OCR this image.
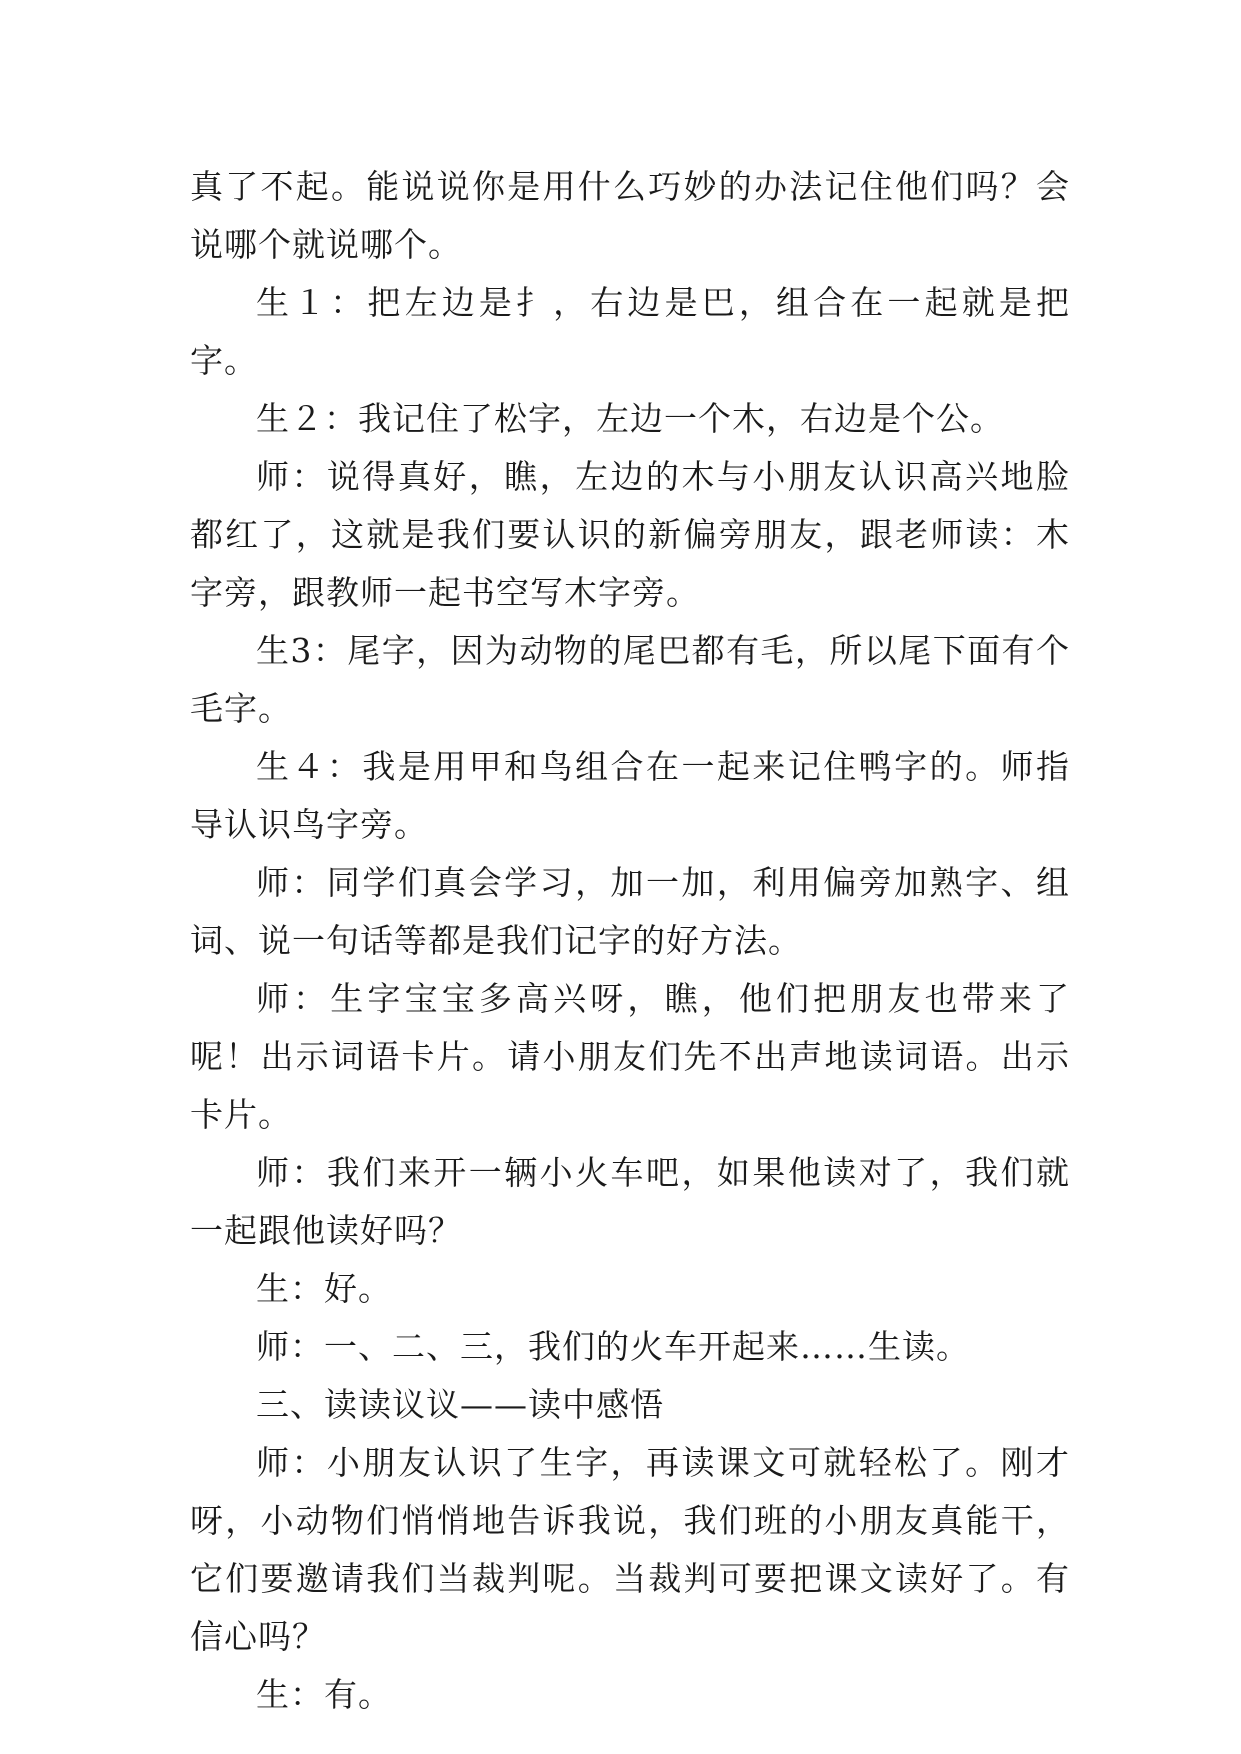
真了不起。能说说你是用什么巧妙的办法记住他们吗？会说哪个就说哪个。

生１：把左边是扌，右边是巴，组合在一起就是把字。

生２：我记住了松字，左边一个木，右边是个公。

师：说得真好，瞧，左边的木与小朋友认识高兴地脸都红了，这就是我们要认识的新偏旁朋友，跟老师读：木字旁，跟教师一起书空写木字旁。

生3：尾字，因为动物的尾巴都有毛，所以尾下面有个毛字。

生４：我是用甲和鸟组合在一起来记住鸭字的。师指导认识鸟字旁。

师：同学们真会学习，加一加，利用偏旁加熟字、组词、说一句话等都是我们记字的好方法。

师：生字宝宝多高兴呀，瞧，他们把朋友也带来了呢！出示词语卡片。请小朋友们先不出声地读词语。出示卡片。

师：我们来开一辆小火车吧，如果他读对了，我们就一起跟他读好吗？

生：好。

师：一、二、三，我们的火车开起来……生读。

三、读读议议——读中感悟

师：小朋友认识了生字，再读课文可就轻松了。刚才呀，小动物们悄悄地告诉我说，我们班的小朋友真能干，它们要邀请我们当裁判呢。当裁判可要把课文读好了。有信心吗？

生：有。
